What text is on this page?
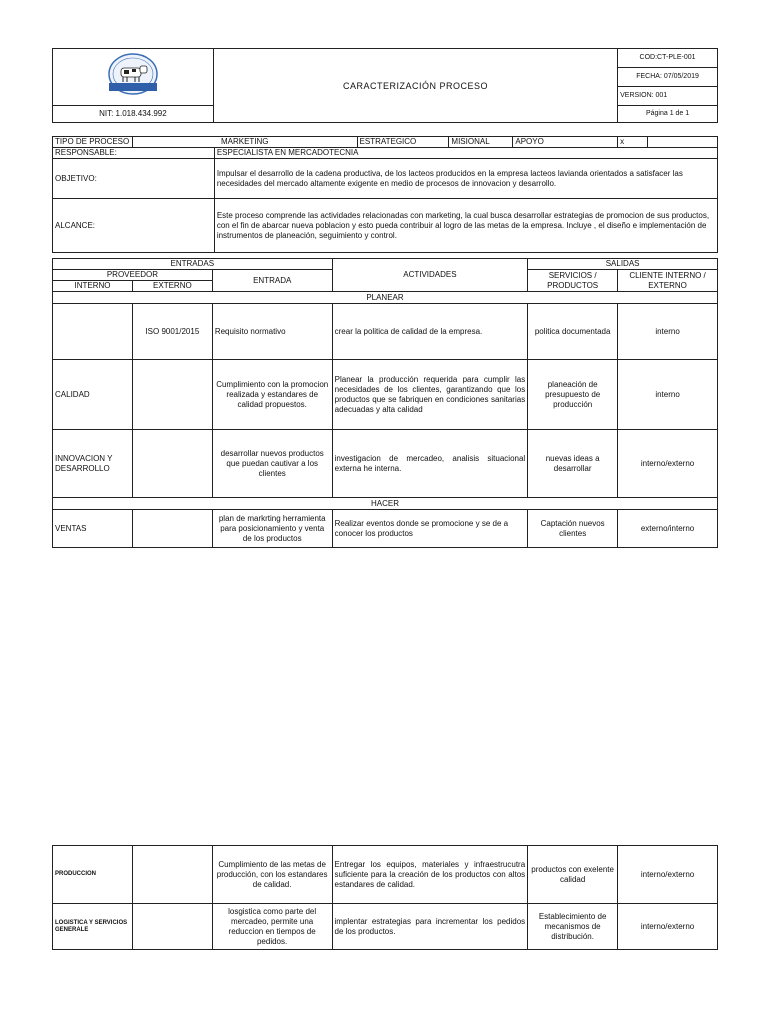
	CARACTERIZACIÓN PROCESO	COD:CT-PLE-001
		FECHA: 07/05/2019
		VERSION: 001
NIT: 1.018.434.992		Página 1 de 1
TIPO DE PROCESO	MARKETING		ESTRATEGICO	MISIONAL	APOYO	x	
RESPONSABLE:		ESPECIALISTA EN MERCADOTECNIA					
OBJETIVO:		Impulsar el desarrollo de la cadena productiva, de los lacteos producidos en la empresa lacteos lavianda orientados a satisfacer las necesidades del mercado altamente exigente en medio de procesos de innovacion y desarrollo.					
ALCANCE:		Este proceso comprende las actividades relacionadas con marketing, la cual busca desarrollar estrategias de promocion de sus productos, con el fin de abarcar nueva poblacion y esto pueda contribuir al logro de las metas de la empresa. Incluye , el diseño e implementación de instrumentos de planeación, seguimiento y control.					
ENTRADAS			ACTIVIDADES	SALIDAS	
PROVEEDOR		ENTRADA		SERVICIOS / PRODUCTOS	CLIENTE INTERNO / EXTERNO
INTERNO	EXTERNO				
PLANEAR					
	ISO 9001/2015	Requisito normativo	crear la politica de calidad de la empresa.	politica documentada	interno
CALIDAD		Cumplimiento con la promocion realizada y estandares de calidad propuestos.	Planear la producción requerida para cumplir las necesidades de los clientes, garantizando que los productos que se fabriquen en condiciones sanitarias adecuadas y alta calidad	planeación de presupuesto de producción	interno
INNOVACION Y DESARROLLO		desarrollar nuevos productos que puedan cautivar a los clientes	investigacion de mercadeo, analisis situacional externa he interna.	nuevas ideas a desarrollar	interno/externo
HACER					
VENTAS		plan de markrting herramienta para posicionamiento y venta de los productos	Realizar eventos donde se promocione y se de a conocer los productos	Captación nuevos clientes	externo/interno
PRODUCCION		Cumplimiento de las metas de producción, con los estandares de calidad.	Entregar los equipos, materiales y infraestrucutra suficiente para la creación de los productos con altos estandares de calidad.	productos con exelente calidad	interno/externo
LOGISTICA Y SERVICIOS GENERALE		losgistica como parte del mercadeo, permite una reduccion en tiempos de pedidos.	implentar estrategias para incrementar los pedidos de los productos.	Establecimiento de mecanismos de distribución.	interno/externo
